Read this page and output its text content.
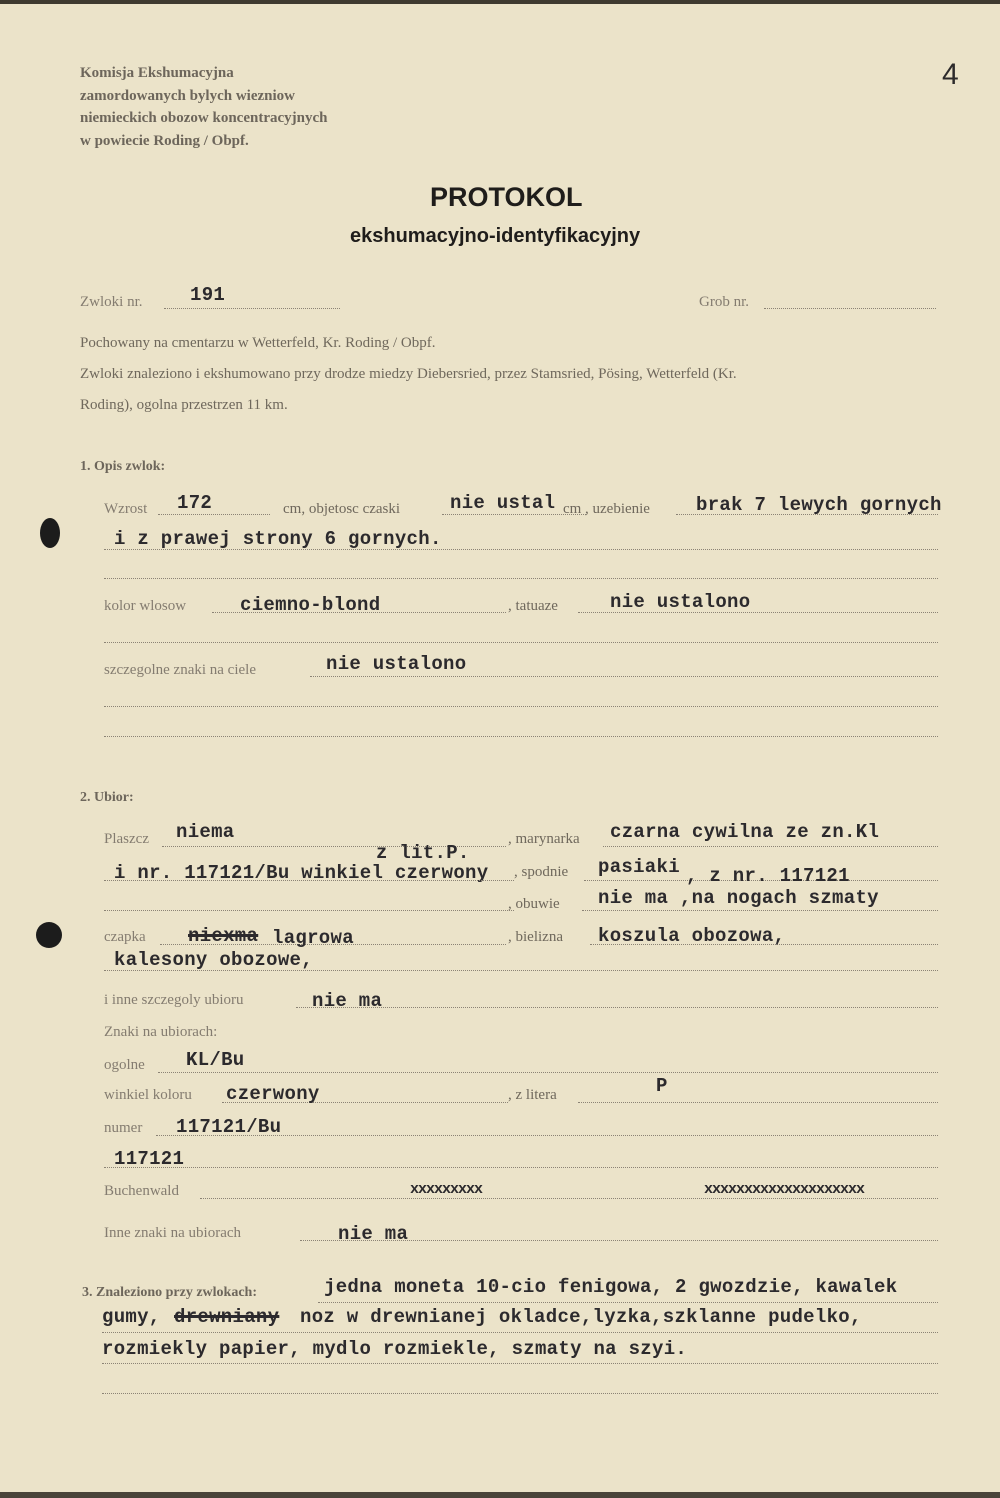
Komisja Ekshumacyjna
zamordowanych bylych wiezniow
niemieckich obozow koncentracyjnych
w powiecie Roding / Obpf.
4
PROTOKOL
ekshumacyjno-identyfikacyjny
Zwloki nr.	191	Grob nr.
Pochowany na cmentarzu w Wetterfeld, Kr. Roding / Obpf.
Zwloki znaleziono i ekshumowano przy drodze miedzy Diebersried, przez Stamsried, Pösing, Wetterfeld (Kr.
Roding), ogolna przestrzen 11 km.
1. Opis zwlok:
Wzrost 172	cm, objetosc czaski	nie ustal cm , uzebienie brak 7 lewych gornych
i z prawej strony 6 gornych.
kolor wlosow	ciemno-blond	, tatuaze	nie ustalono
szczegolne znaki na ciele	nie ustalono
2. Ubior:
Plaszcz niema
z lit.P.
, marynarka czarna cywilna ze zn.Kl
i nr. 117121/Bu winkiel czerwony , spodnie pasiaki , z nr. 117121
, obuwie nie ma ,na nogach szmaty
czapka niexma lagrowa	, bielizna koszula obozowa,
kalesony obozowe,
i inne szczegoly ubioru	nie ma
Znaki na ubiorach:
ogolne KL/Bu
winkiel koloru czerwony	, z litera	P
numer 117121/Bu
117121
Buchenwald	xxxxxxxxx	xxxxxxxxxxxxxxxxxxxx
Inne znaki na ubiorach	nie ma
3. Znaleziono przy zwlokach:	jedna moneta 10-cio fenigowa, 2 gwozdzie, kawalek
gumy, drewniany noz w drewnianej okladce,lyzka,szklanne pudelko,
rozmiekly papier, mydlo rozmiekle, szmaty na szyi.
